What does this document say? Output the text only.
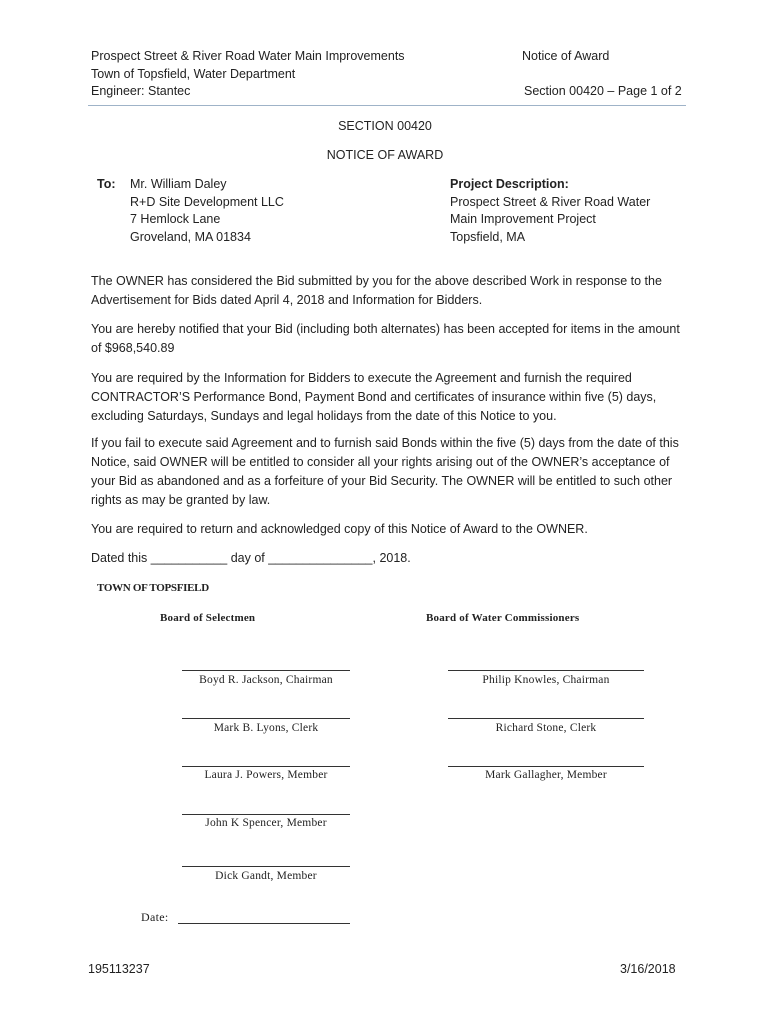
Prospect Street & River Road Water Main Improvements
Town of Topsfield, Water Department
Engineer: Stantec
Notice of Award
Section 00420 – Page 1 of 2
SECTION 00420
NOTICE OF AWARD
To: Mr. William Daley
R+D Site Development LLC
7 Hemlock Lane
Groveland, MA 01834
Project Description:
Prospect Street & River Road Water
Main Improvement Project
Topsfield, MA
The OWNER has considered the Bid submitted by you for the above described Work in response to the Advertisement for Bids dated April 4, 2018 and Information for Bidders.
You are hereby notified that your Bid (including both alternates) has been accepted for items in the amount of $968,540.89
You are required by the Information for Bidders to execute the Agreement and furnish the required CONTRACTOR’S Performance Bond, Payment Bond and certificates of insurance within five (5) days, excluding Saturdays, Sundays and legal holidays from the date of this Notice to you.
If you fail to execute said Agreement and to furnish said Bonds within the five (5) days from the date of this Notice, said OWNER will be entitled to consider all your rights arising out of the OWNER’s acceptance of your Bid as abandoned and as a forfeiture of your Bid Security. The OWNER will be entitled to such other rights as may be granted by law.
You are required to return and acknowledged copy of this Notice of Award to the OWNER.
Dated this ___________ day of _______________, 2018.
TOWN OF TOPSFIELD
Board of Selectmen	Board of Water Commissioners
Boyd R. Jackson, Chairman
Mark B. Lyons, Clerk
Laura J. Powers, Member
John K Spencer, Member
Dick Gandt, Member
Philip Knowles, Chairman
Richard Stone, Clerk
Mark Gallagher, Member
Date:
195113237	3/16/2018
